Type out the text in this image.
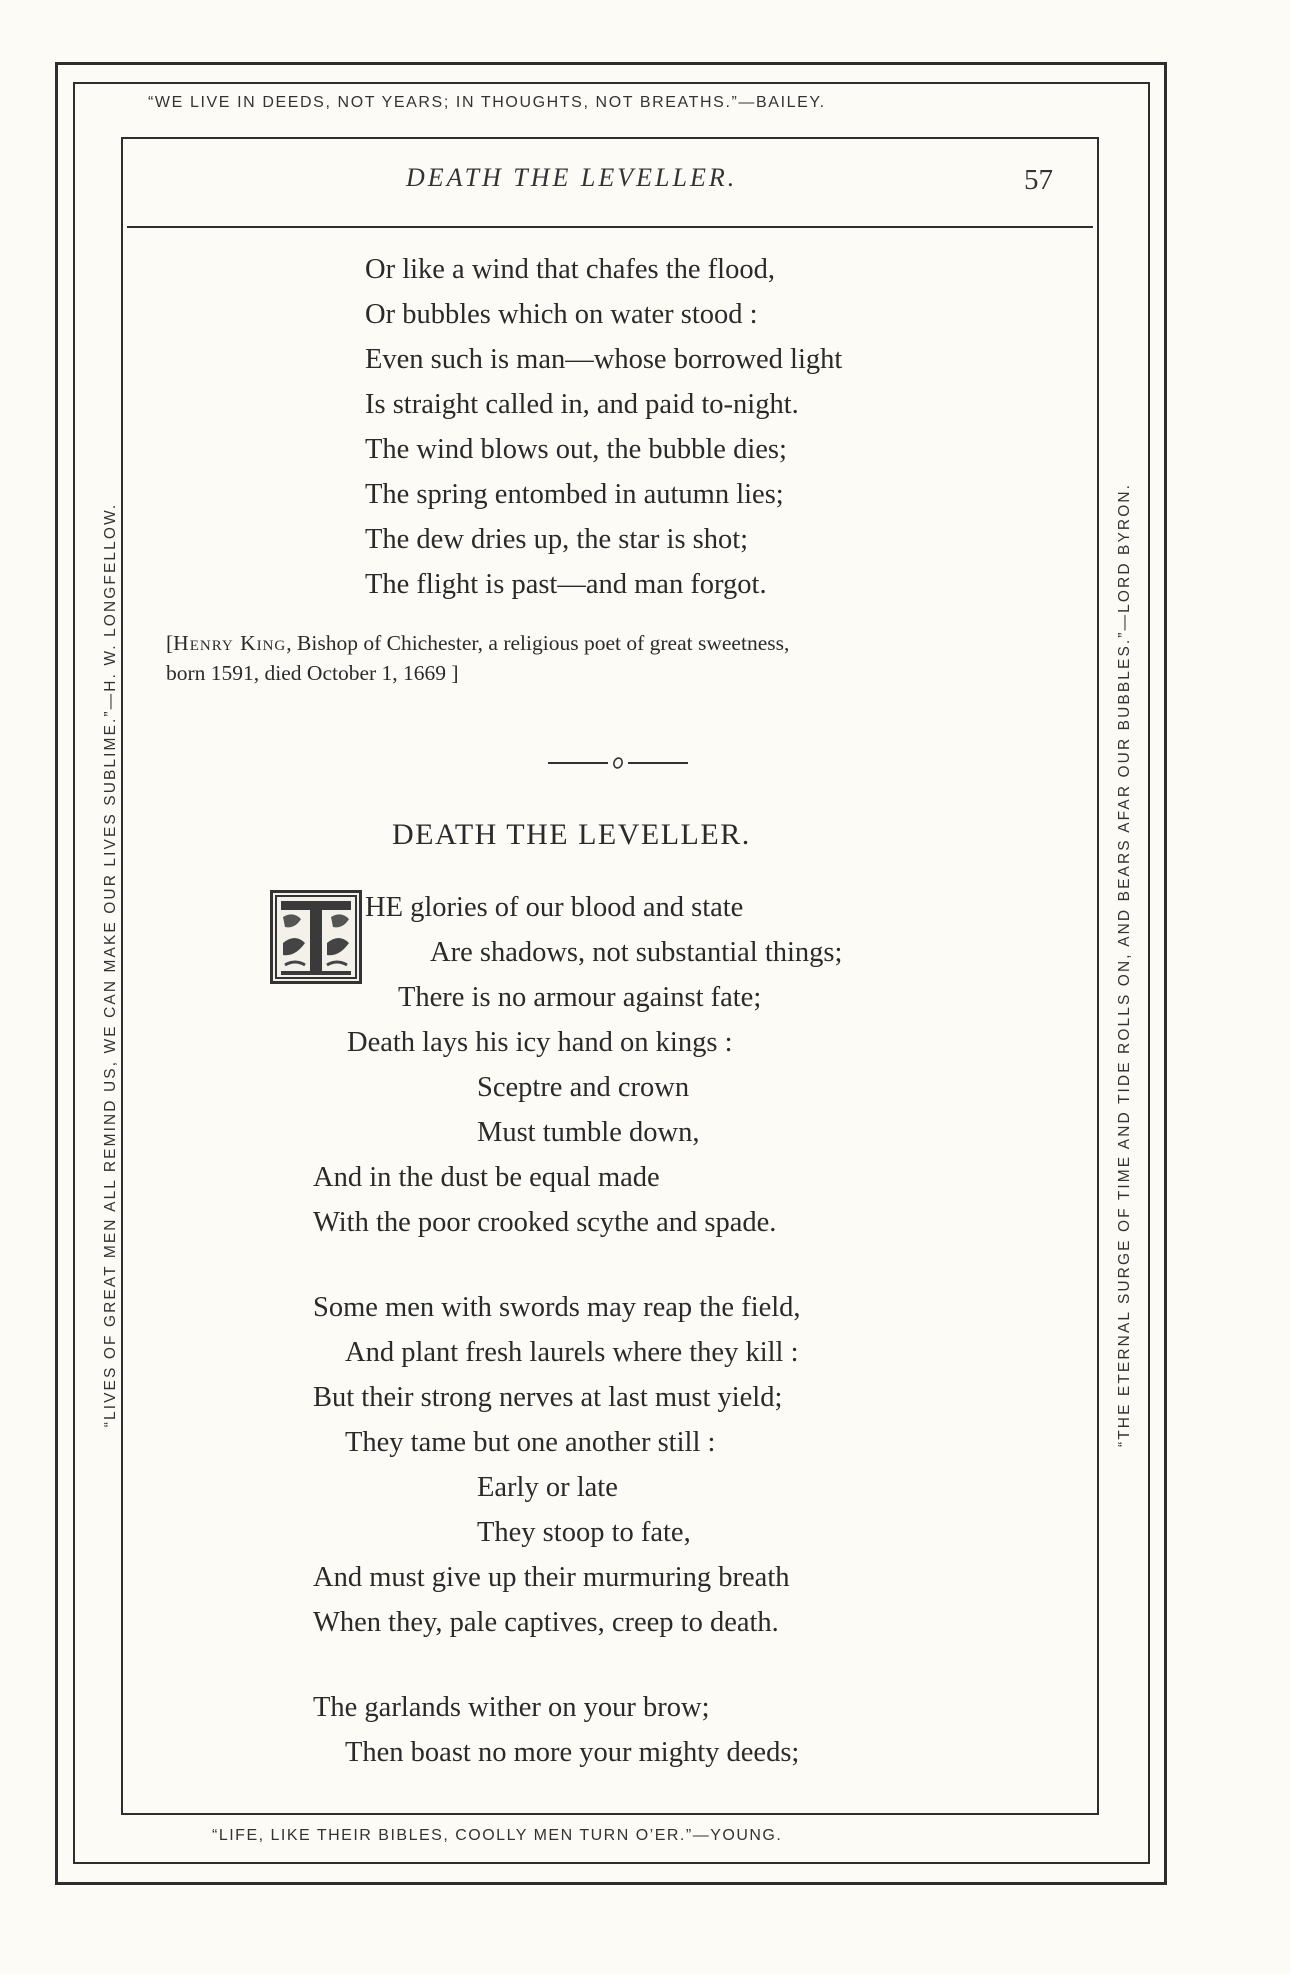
“WE LIVE IN DEEDS, NOT YEARS; IN THOUGHTS, NOT BREATHS.”—BAILEY.
“LIFE, LIKE THEIR BIBLES, COOLLY MEN TURN O’ER.”—YOUNG.
“LIVES OF GREAT MEN ALL REMIND US, WE CAN MAKE OUR LIVES SUBLIME.”—H. W. LONGFELLOW.	“THE ETERNAL SURGE OF TIME AND TIDE ROLLS ON, AND BEARS AFAR OUR BUBBLES.”—LORD BYRON.
DEATH THE LEVELLER.	57
Or like a wind that chafes the flood,
Or bubbles which on water stood :
Even such is man—whose borrowed light
Is straight called in, and paid to-night.
The wind blows out, the bubble dies;
The spring entombed in autumn lies;
The dew dries up, the star is shot;
The flight is past—and man forgot.
[Henry King, Bishop of Chichester, a religious poet of great sweetness,
born 1591, died October 1, 1669 ]
DEATH THE LEVELLER.
HE glories of our blood and state
Are shadows, not substantial things;
There is no armour against fate;
Death lays his icy hand on kings :
Sceptre and crown
Must tumble down,
And in the dust be equal made
With the poor crooked scythe and spade.
Some men with swords may reap the field,
And plant fresh laurels where they kill :
But their strong nerves at last must yield;
They tame but one another still :
Early or late
They stoop to fate,
And must give up their murmuring breath
When they, pale captives, creep to death.
The garlands wither on your brow;
Then boast no more your mighty deeds;
